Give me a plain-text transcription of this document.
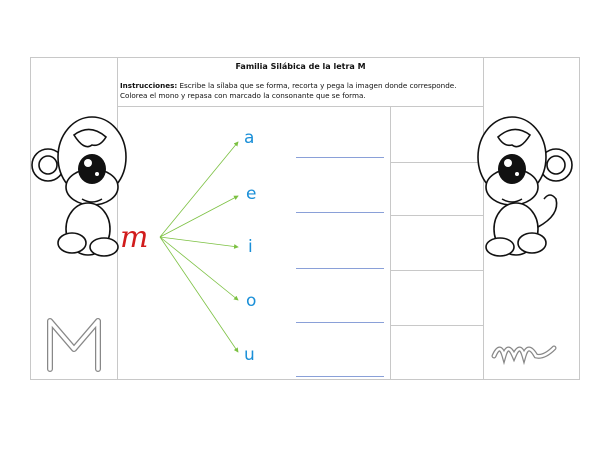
Familia Silábica de la letra M
Instrucciones: Escribe la sílaba que se forma, recorta y pega la imagen donde corresponde. Colorea el mono y repasa con marcado la consonante que se forma.
m
a
e
i
o
u
